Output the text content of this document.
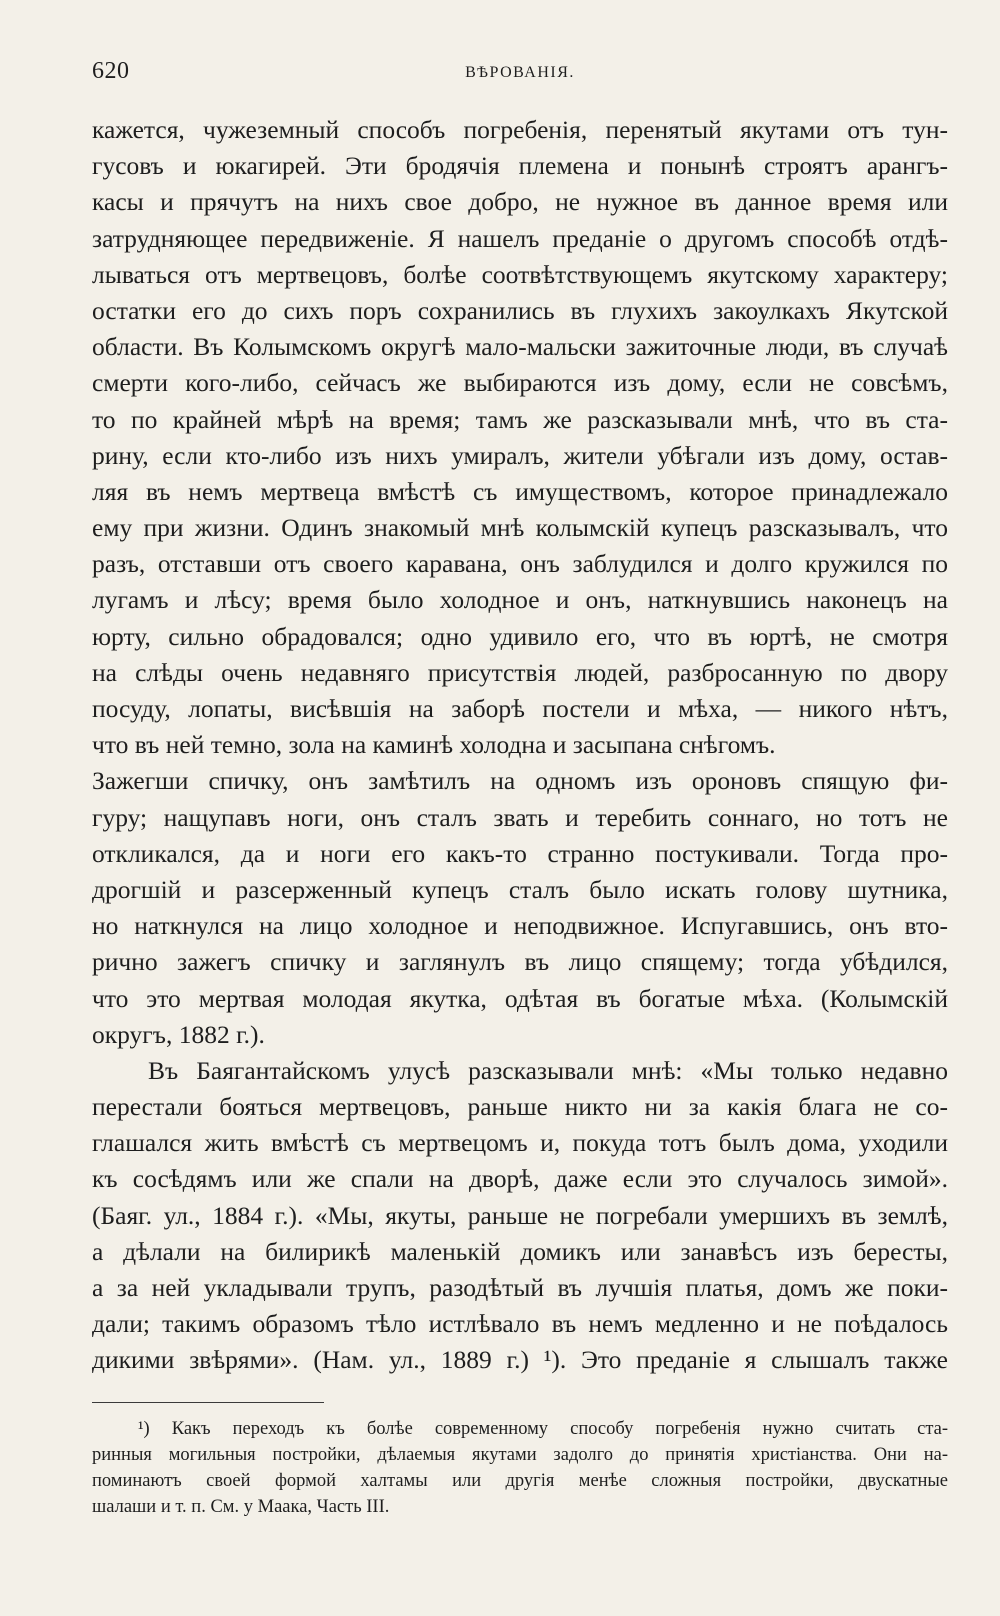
620	ВѢРОВАНІЯ.
кажется, чужеземный способъ погребенія, перенятый якутами отъ тун-
гусовъ и юкагирей. Эти бродячія племена и понынѣ строятъ арангъ-
касы и прячутъ на нихъ свое добро, не нужное въ данное время или
затрудняющее передвиженіе. Я нашелъ преданіе о другомъ способѣ отдѣ-
лываться отъ мертвецовъ, болѣе соотвѣтствующемъ якутскому характеру;
остатки его до сихъ поръ сохранились въ глухихъ закоулкахъ Якутской
области. Въ Колымскомъ округѣ мало-мальски зажиточные люди, въ случаѣ
смерти кого-либо, сейчасъ же выбираются изъ дому, если не совсѣмъ,
то по крайней мѣрѣ на время; тамъ же разсказывали мнѣ, что въ ста-
рину, если кто-либо изъ нихъ умиралъ, жители убѣгали изъ дому, остав-
ляя въ немъ мертвеца вмѣстѣ съ имуществомъ, которое принадлежало
ему при жизни. Одинъ знакомый мнѣ колымскій купецъ разсказывалъ, что
разъ, отставши отъ своего каравана, онъ заблудился и долго кружился по
лугамъ и лѣсу; время было холодное и онъ, наткнувшись наконецъ на
юрту, сильно обрадовался; одно удивило его, что въ юртѣ, не смотря
на слѣды очень недавняго присутствія людей, разбросанную по двору
посуду, лопаты, висѣвшія на заборѣ постели и мѣха, — никого нѣтъ,
что въ ней темно, зола на каминѣ холодна и засыпана снѣгомъ.
Зажегши спичку, онъ замѣтилъ на одномъ изъ ороновъ спящую фи-
гуру; нащупавъ ноги, онъ сталъ звать и теребить соннаго, но тотъ не
откликался, да и ноги его какъ-то странно постукивали. Тогда про-
дрогшій и разсерженный купецъ сталъ было искать голову шутника,
но наткнулся на лицо холодное и неподвижное. Испугавшись, онъ вто-
рично зажегъ спичку и заглянулъ въ лицо спящему; тогда убѣдился,
что это мертвая молодая якутка, одѣтая въ богатые мѣха. (Колымскій
округъ, 1882 г.).
Въ Баягантайскомъ улусѣ разсказывали мнѣ: «Мы только недавно
перестали бояться мертвецовъ, раньше никто ни за какія блага не со-
глашался жить вмѣстѣ съ мертвецомъ и, покуда тотъ былъ дома, уходили
къ сосѣдямъ или же спали на дворѣ, даже если это случалось зимой».
(Баяг. ул., 1884 г.). «Мы, якуты, раньше не погребали умершихъ въ землѣ,
а дѣлали на билирикѣ маленькій домикъ или занавѣсъ изъ бересты,
а за ней укладывали трупъ, разодѣтый въ лучшія платья, домъ же поки-
дали; такимъ образомъ тѣло истлѣвало въ немъ медленно и не поѣдалось
дикими звѣрями». (Нам. ул., 1889 г.) ¹). Это преданіе я слышалъ также
¹) Какъ переходъ къ болѣе современному способу погребенія нужно считать ста-
ринныя могильныя постройки, дѣлаемыя якутами задолго до принятія христіанства. Они на-
поминаютъ своей формой халтамы или другія менѣе сложныя постройки, двускатные
шалаши и т. п. См. у Маака, Часть III.
